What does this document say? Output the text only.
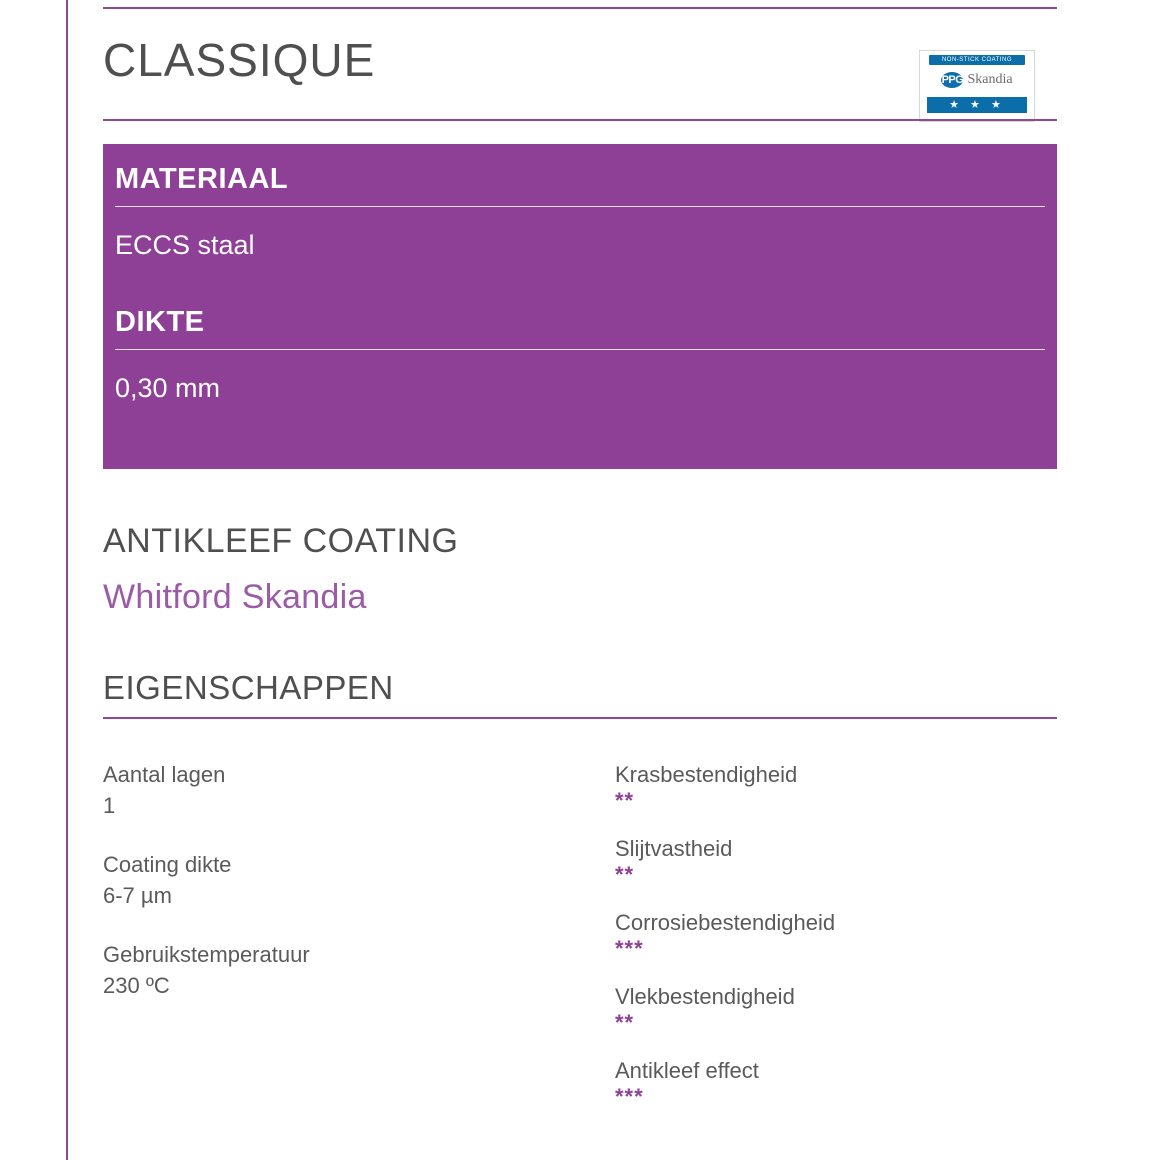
CLASSIQUE	NON-STICK COATING
PPG Skandia
★ ★ ★
MATERIAAL
ECCS staal
DIKTE
0,30 mm
ANTIKLEEF COATING
Whitford Skandia
EIGENSCHAPPEN
Aantal lagen
1
Coating dikte
6-7 µm
Gebruikstemperatuur
230 ºC
Krasbestendigheid
**
Slijtvastheid
**
Corrosiebestendigheid
***
Vlekbestendigheid
**
Antikleef effect
***
